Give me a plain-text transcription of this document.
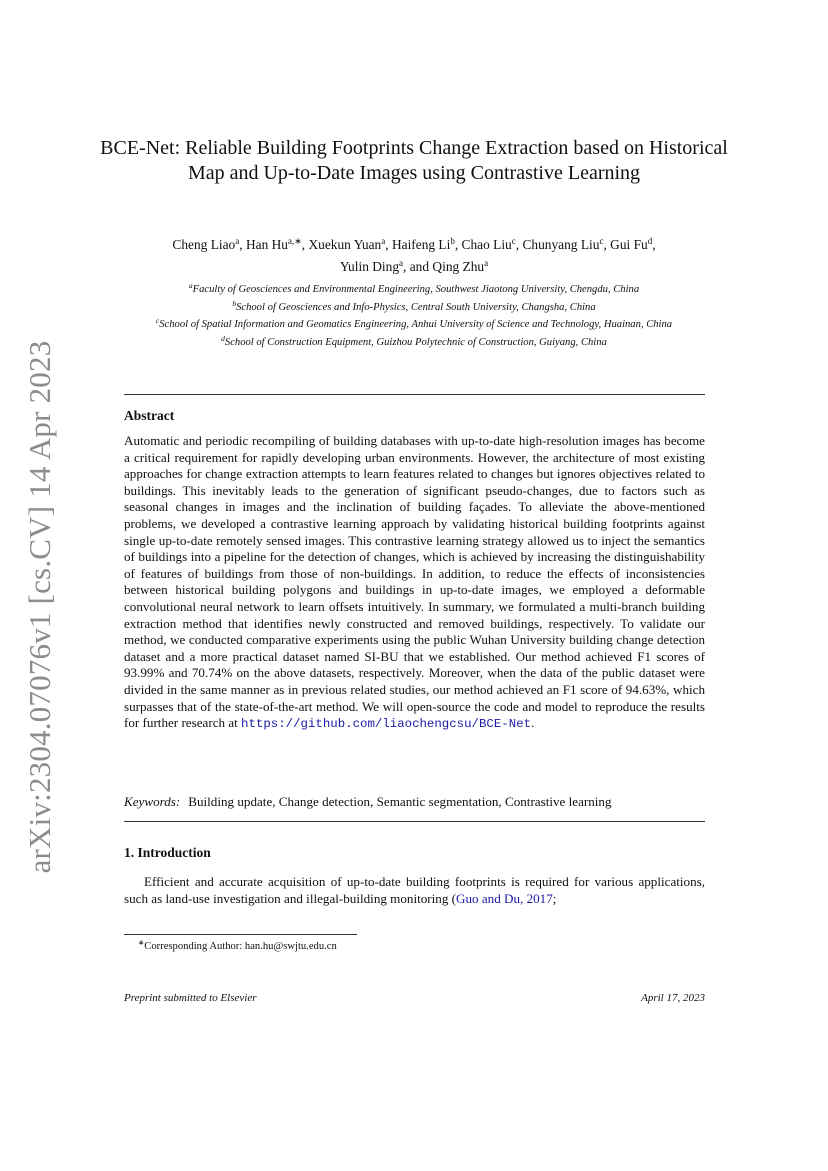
arXiv:2304.07076v1 [cs.CV] 14 Apr 2023
BCE-Net: Reliable Building Footprints Change Extraction based on Historical Map and Up-to-Date Images using Contrastive Learning
Cheng Liao$^a$, Han $Hu^{a,∗}$, Xuekun Yuan$^a$, Haifeng Li$^b$, Chao Liu$^c$, Chunyang Liu$^c$, Gui Fu$^d$,
Yulin Ding$^a$, and Qing Zhu$^a$
$^a$Faculty of Geosciences and Environmental Engineering, Southwest Jiaotong University, Chengdu, China
$^b$School of Geosciences and Info-Physics, Central South University, Changsha, China
$^c$School of Spatial Information and Geomatics Engineering, Anhui University of Science and Technology, Huainan, China
$^d$School of Construction Equipment, Guizhou Polytechnic of Construction, Guiyang, China
Abstract
Automatic and periodic recompiling of building databases with up-to-date high-resolution images has become a critical requirement for rapidly developing urban environments. However, the architecture of most existing approaches for change extraction attempts to learn features related to changes but ignores objectives related to buildings. This inevitably leads to the generation of significant pseudo-changes, due to factors such as seasonal changes in images and the inclination of building façades. To alleviate the above-mentioned problems, we developed a contrastive learning approach by validating historical building footprints against single up-to-date remotely sensed images. This contrastive learning strategy allowed us to inject the semantics of buildings into a pipeline for the detection of changes, which is achieved by increasing the distinguishability of features of buildings from those of non-buildings. In addition, to reduce the effects of inconsistencies between historical building polygons and buildings in up-to-date images, we employed a deformable convolutional neural network to learn offsets intuitively. In summary, we formulated a multi-branch building extraction method that identifies newly constructed and removed buildings, respectively. To validate our method, we conducted comparative experiments using the public Wuhan University building change detection dataset and a more practical dataset named SI-BU that we established. Our method achieved F1 scores of 93.99% and 70.74% on the above datasets, respectively. Moreover, when the data of the public dataset were divided in the same manner as in previous related studies, our method achieved an F1 score of 94.63%, which surpasses that of the state-of-the-art method. We will open-source the code and model to reproduce the results for further research at https://github.com/liaochengcsu/BCE-Net.
Keywords: Building update, Change detection, Semantic segmentation, Contrastive learning
1. Introduction
Efficient and accurate acquisition of up-to-date building footprints is required for various applications, such as land-use investigation and illegal-building monitoring (Guo and Du, 2017;
∗Corresponding Author: han.hu@swjtu.edu.cn
Preprint submitted to Elsevier	April 17, 2023
